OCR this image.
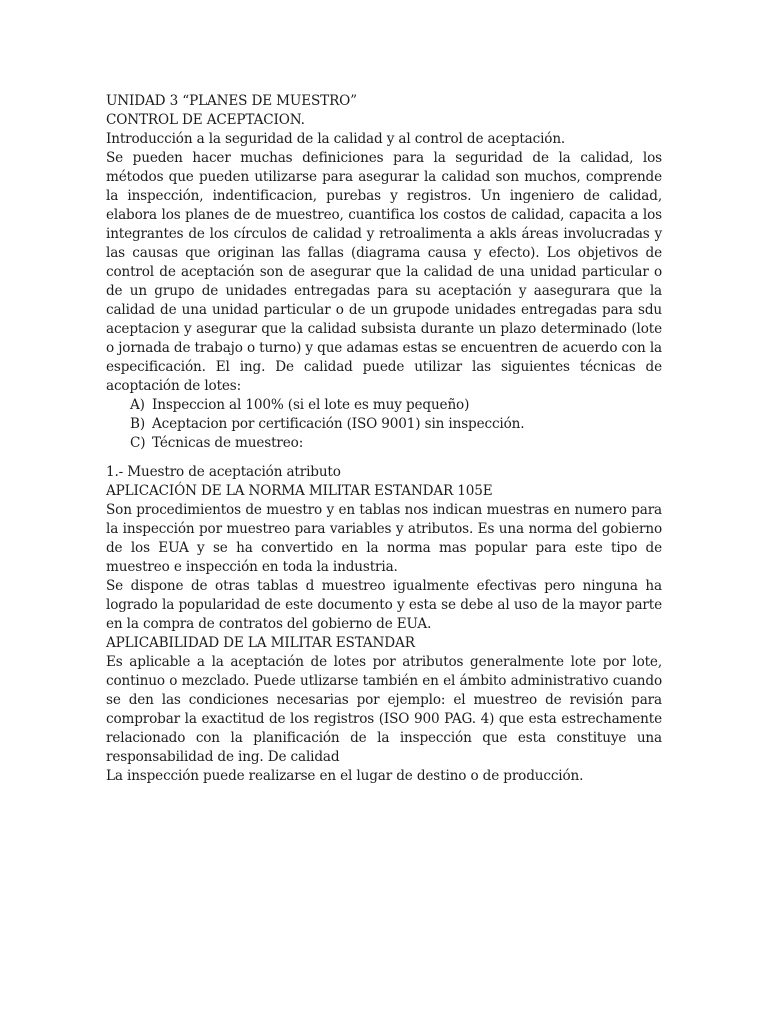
UNIDAD 3 “PLANES DE MUESTRO”

CONTROL DE ACEPTACION.

Introducción a la seguridad de la calidad y al control de aceptación.

Se pueden hacer muchas definiciones para la seguridad de la calidad, los métodos que pueden utilizarse para asegurar la calidad son muchos, comprende la inspección, indentificacion, purebas y registros. Un ingeniero de calidad, elabora los planes de de muestreo, cuantifica los costos de calidad, capacita a los integrantes de los círculos de calidad y retroalimenta a akls áreas involucradas y las causas que originan las fallas (diagrama causa y efecto). Los objetivos de control de aceptación son de asegurar que la calidad de una unidad particular o de un grupo de unidades entregadas para su aceptación y aasegurara que la calidad de una unidad particular o de un grupode unidades entregadas para sdu aceptacion y asegurar que la calidad subsista durante un plazo determinado (lote o jornada de trabajo o turno) y que adamas estas se encuentren de acuerdo con la especificación. El ing. De calidad puede utilizar las siguientes técnicas de acoptación de lotes:

A) Inspeccion al 100% (si el lote es muy pequeño)
B) Aceptacion por certificación (ISO 9001) sin inspección.
C) Técnicas de muestreo:

1.- Muestro de aceptación atributo

APLICACIÓN DE LA NORMA MILITAR ESTANDAR 105E

Son procedimientos de muestro y en tablas nos indican muestras en numero para la inspección por muestreo para variables y atributos. Es una norma del gobierno de los EUA y se ha convertido en la norma mas popular para este tipo de muestreo e inspección en toda la industria.

Se dispone de otras tablas d muestreo igualmente efectivas pero ninguna ha logrado la popularidad de este documento y esta se debe al uso de la mayor parte en la compra de contratos del gobierno de EUA.

APLICABILIDAD DE LA MILITAR ESTANDAR

Es aplicable a la aceptación de lotes por atributos generalmente lote por lote, continuo o mezclado. Puede utlizarse también en el ámbito administrativo cuando se den las condiciones necesarias por ejemplo: el muestreo de revisión para comprobar la exactitud de los registros (ISO 900 PAG. 4) que esta estrechamente relacionado con la planificación de la inspección que esta constituye una responsabilidad de ing. De calidad

La inspección puede realizarse en el lugar de destino o de producción.
